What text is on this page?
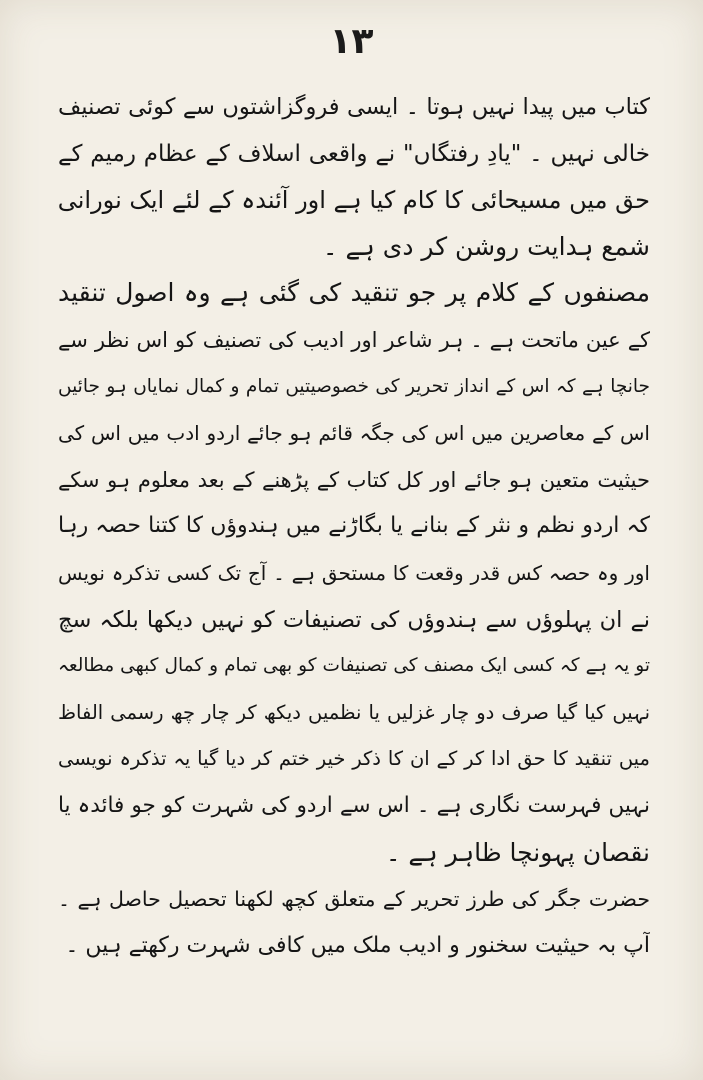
۱۳
کتاب میں پیدا نہیں ہوتا ۔ ایسی فروگزاشتوں سے کوئی تصنیف
خالی نہیں ۔ "یادِ رفتگاں" نے واقعی اسلاف کے عظام رمیم کے
حق میں مسیحائی کا کام کیا ہے اور آئندہ کے لئے ایک نورانی
شمع ہدایت روشن کر دی ہے ۔
مصنفوں کے کلام پر جو تنقید کی گئی ہے وہ اصول تنقید
کے عین ماتحت ہے ۔ ہر شاعر اور ادیب کی تصنیف کو اس نظر سے
جانچا ہے کہ اس کے انداز تحریر کی خصوصیتیں تمام و کمال نمایاں ہو جائیں
اس کے معاصرین میں اس کی جگہ قائم ہو جائے اردو ادب میں اس کی
حیثیت متعین ہو جائے اور کل کتاب کے پڑھنے کے بعد معلوم ہو سکے
کہ اردو نظم و نثر کے بنانے یا بگاڑنے میں ہندوؤں کا کتنا حصہ رہا
اور وہ حصہ کس قدر وقعت کا مستحق ہے ۔ آج تک کسی تذکرہ نویس
نے ان پہلوؤں سے ہندوؤں کی تصنیفات کو نہیں دیکھا بلکہ سچ
تو یہ ہے کہ کسی ایک مصنف کی تصنیفات کو بھی تمام و کمال کبھی مطالعہ
نہیں کیا گیا صرف دو چار غزلیں یا نظمیں دیکھ کر چار چھ رسمی الفاظ
میں تنقید کا حق ادا کر کے ان کا ذکر خیر ختم کر دیا گیا یہ تذکرہ نویسی
نہیں فہرست نگاری ہے ۔ اس سے اردو کی شہرت کو جو فائدہ یا
نقصان پہونچا ظاہر ہے ۔
حضرت جگر کی طرز تحریر کے متعلق کچھ لکھنا تحصیل حاصل ہے ۔
آپ بہ حیثیت سخنور و ادیب ملک میں کافی شہرت رکھتے ہیں ۔
